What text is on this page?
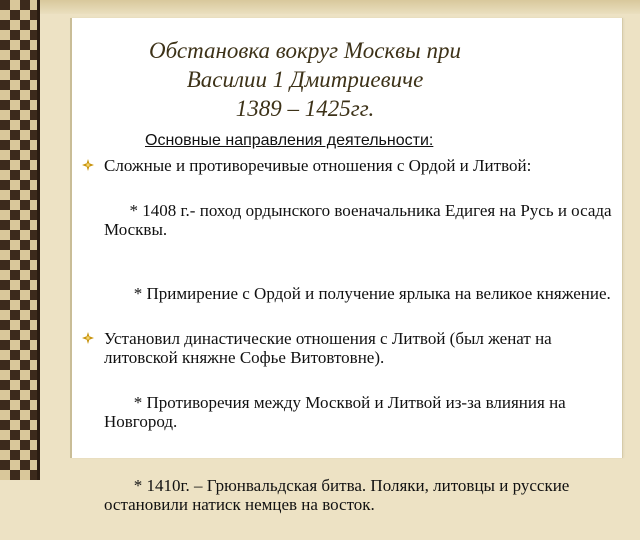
Обстановка вокруг Москвы при
Василии 1 Дмитриевиче
1389 – 1425гг.
Основные направления деятельности:
Сложные и противоречивые отношения с Ордой и Литвой:

* 1408 г.- поход ордынского военачальника Едигея на Русь и осада Москвы.

* Примирение с Ордой и получение ярлыка на великое княжение.

Установил династические отношения с Литвой (был женат на литовской княжне Софье Витовтовне).

* Противоречия между Москвой и Литвой из-за влияния на Новгород.

* 1410г. – Грюнвальдская битва. Поляки, литовцы и русские остановили натиск немцев на восток.
